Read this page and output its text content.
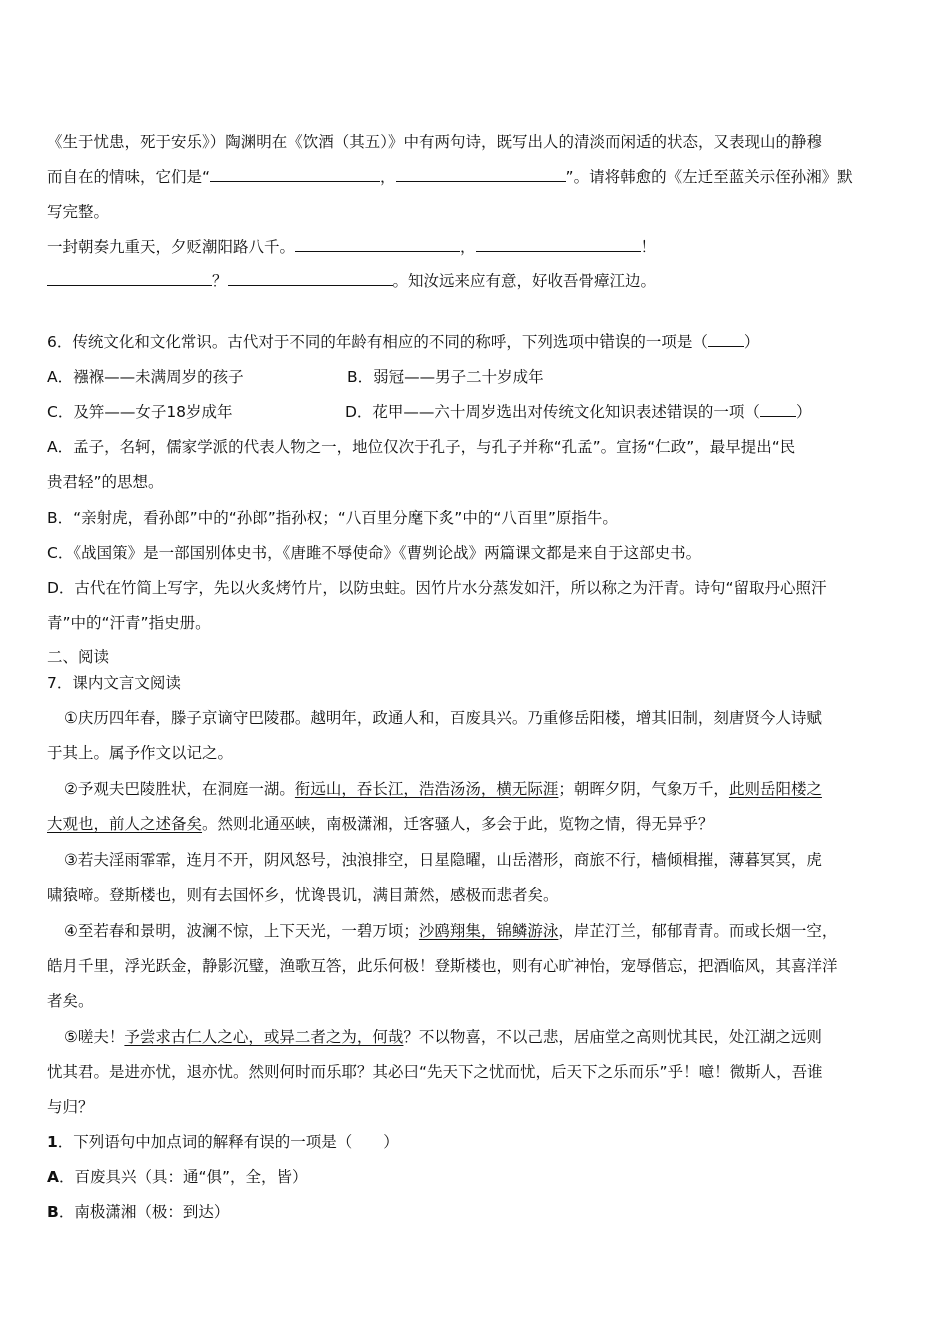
《生于忧患，死于安乐》）陶渊明在《饮酒（其五）》中有两句诗，既写出人的清淡而闲适的状态，又表现山的静穆
而自在的情味，它们是“	，	”。请将韩愈的《左迁至蓝关示侄孙湘》默
写完整。
一封朝奏九重天，夕贬潮阳路八千。	，	！
？	。知汝远来应有意，好收吾骨瘴江边。
6．传统文化和文化常识。古代对于不同的年龄有相应的不同的称呼，下列选项中错误的一项是（ ）
A．襁褓——未满周岁的孩子	B．弱冠——男子二十岁成年
C．及笄——女子18岁成年	D．花甲——六十周岁选出对传统文化知识表述错误的一项（ ）
A．孟子，名轲，儒家学派的代表人物之一，地位仅次于孔子，与孔子并称“孔孟”。宣扬“仁政”，最早提出“民
贵君轻”的思想。
B．“亲射虎，看孙郎”中的“孙郎”指孙权；“八百里分麾下炙”中的“八百里”原指牛。
C．《战国策》是一部国别体史书，《唐雎不辱使命》《曹刿论战》两篇课文都是来自于这部史书。
D．古代在竹简上写字，先以火炙烤竹片，以防虫蛀。因竹片水分蒸发如汗，所以称之为汗青。诗句“留取丹心照汗
青”中的“汗青”指史册。
二、阅读
7．课内文言文阅读
①庆历四年春，滕子京谪守巴陵郡。越明年，政通人和，百废具兴。乃重修岳阳楼，增其旧制，刻唐贤今人诗赋
于其上。属予作文以记之。
②予观夫巴陵胜状，在洞庭一湖。衔远山，吞长江，浩浩汤汤，横无际涯；朝晖夕阴，气象万千，此则岳阳楼之
大观也，前人之述备矣。然则北通巫峡，南极潇湘，迁客骚人，多会于此，览物之情，得无异乎？
③若夫淫雨霏霏，连月不开，阴风怒号，浊浪排空，日星隐曜，山岳潜形，商旅不行，樯倾楫摧，薄暮冥冥，虎
啸猿啼。登斯楼也，则有去国怀乡，忧谗畏讥，满目萧然，感极而悲者矣。
④至若春和景明，波澜不惊，上下天光，一碧万顷；沙鸥翔集，锦鳞游泳，岸芷汀兰，郁郁青青。而或长烟一空，
皓月千里，浮光跃金，静影沉璧，渔歌互答，此乐何极！登斯楼也，则有心旷神怡，宠辱偕忘，把酒临风，其喜洋洋
者矣。
⑤嗟夫！予尝求古仁人之心，或异二者之为，何哉？不以物喜，不以己悲，居庙堂之高则忧其民，处江湖之远则
忧其君。是进亦忧，退亦忧。然则何时而乐耶？其必曰“先天下之忧而忧，后天下之乐而乐”乎！噫！微斯人，吾谁
与归？
1．下列语句中加点词的解释有误的一项是（　　）
A．百废具兴（具：通“俱”，全，皆）
B．南极潇湘（极：到达）
